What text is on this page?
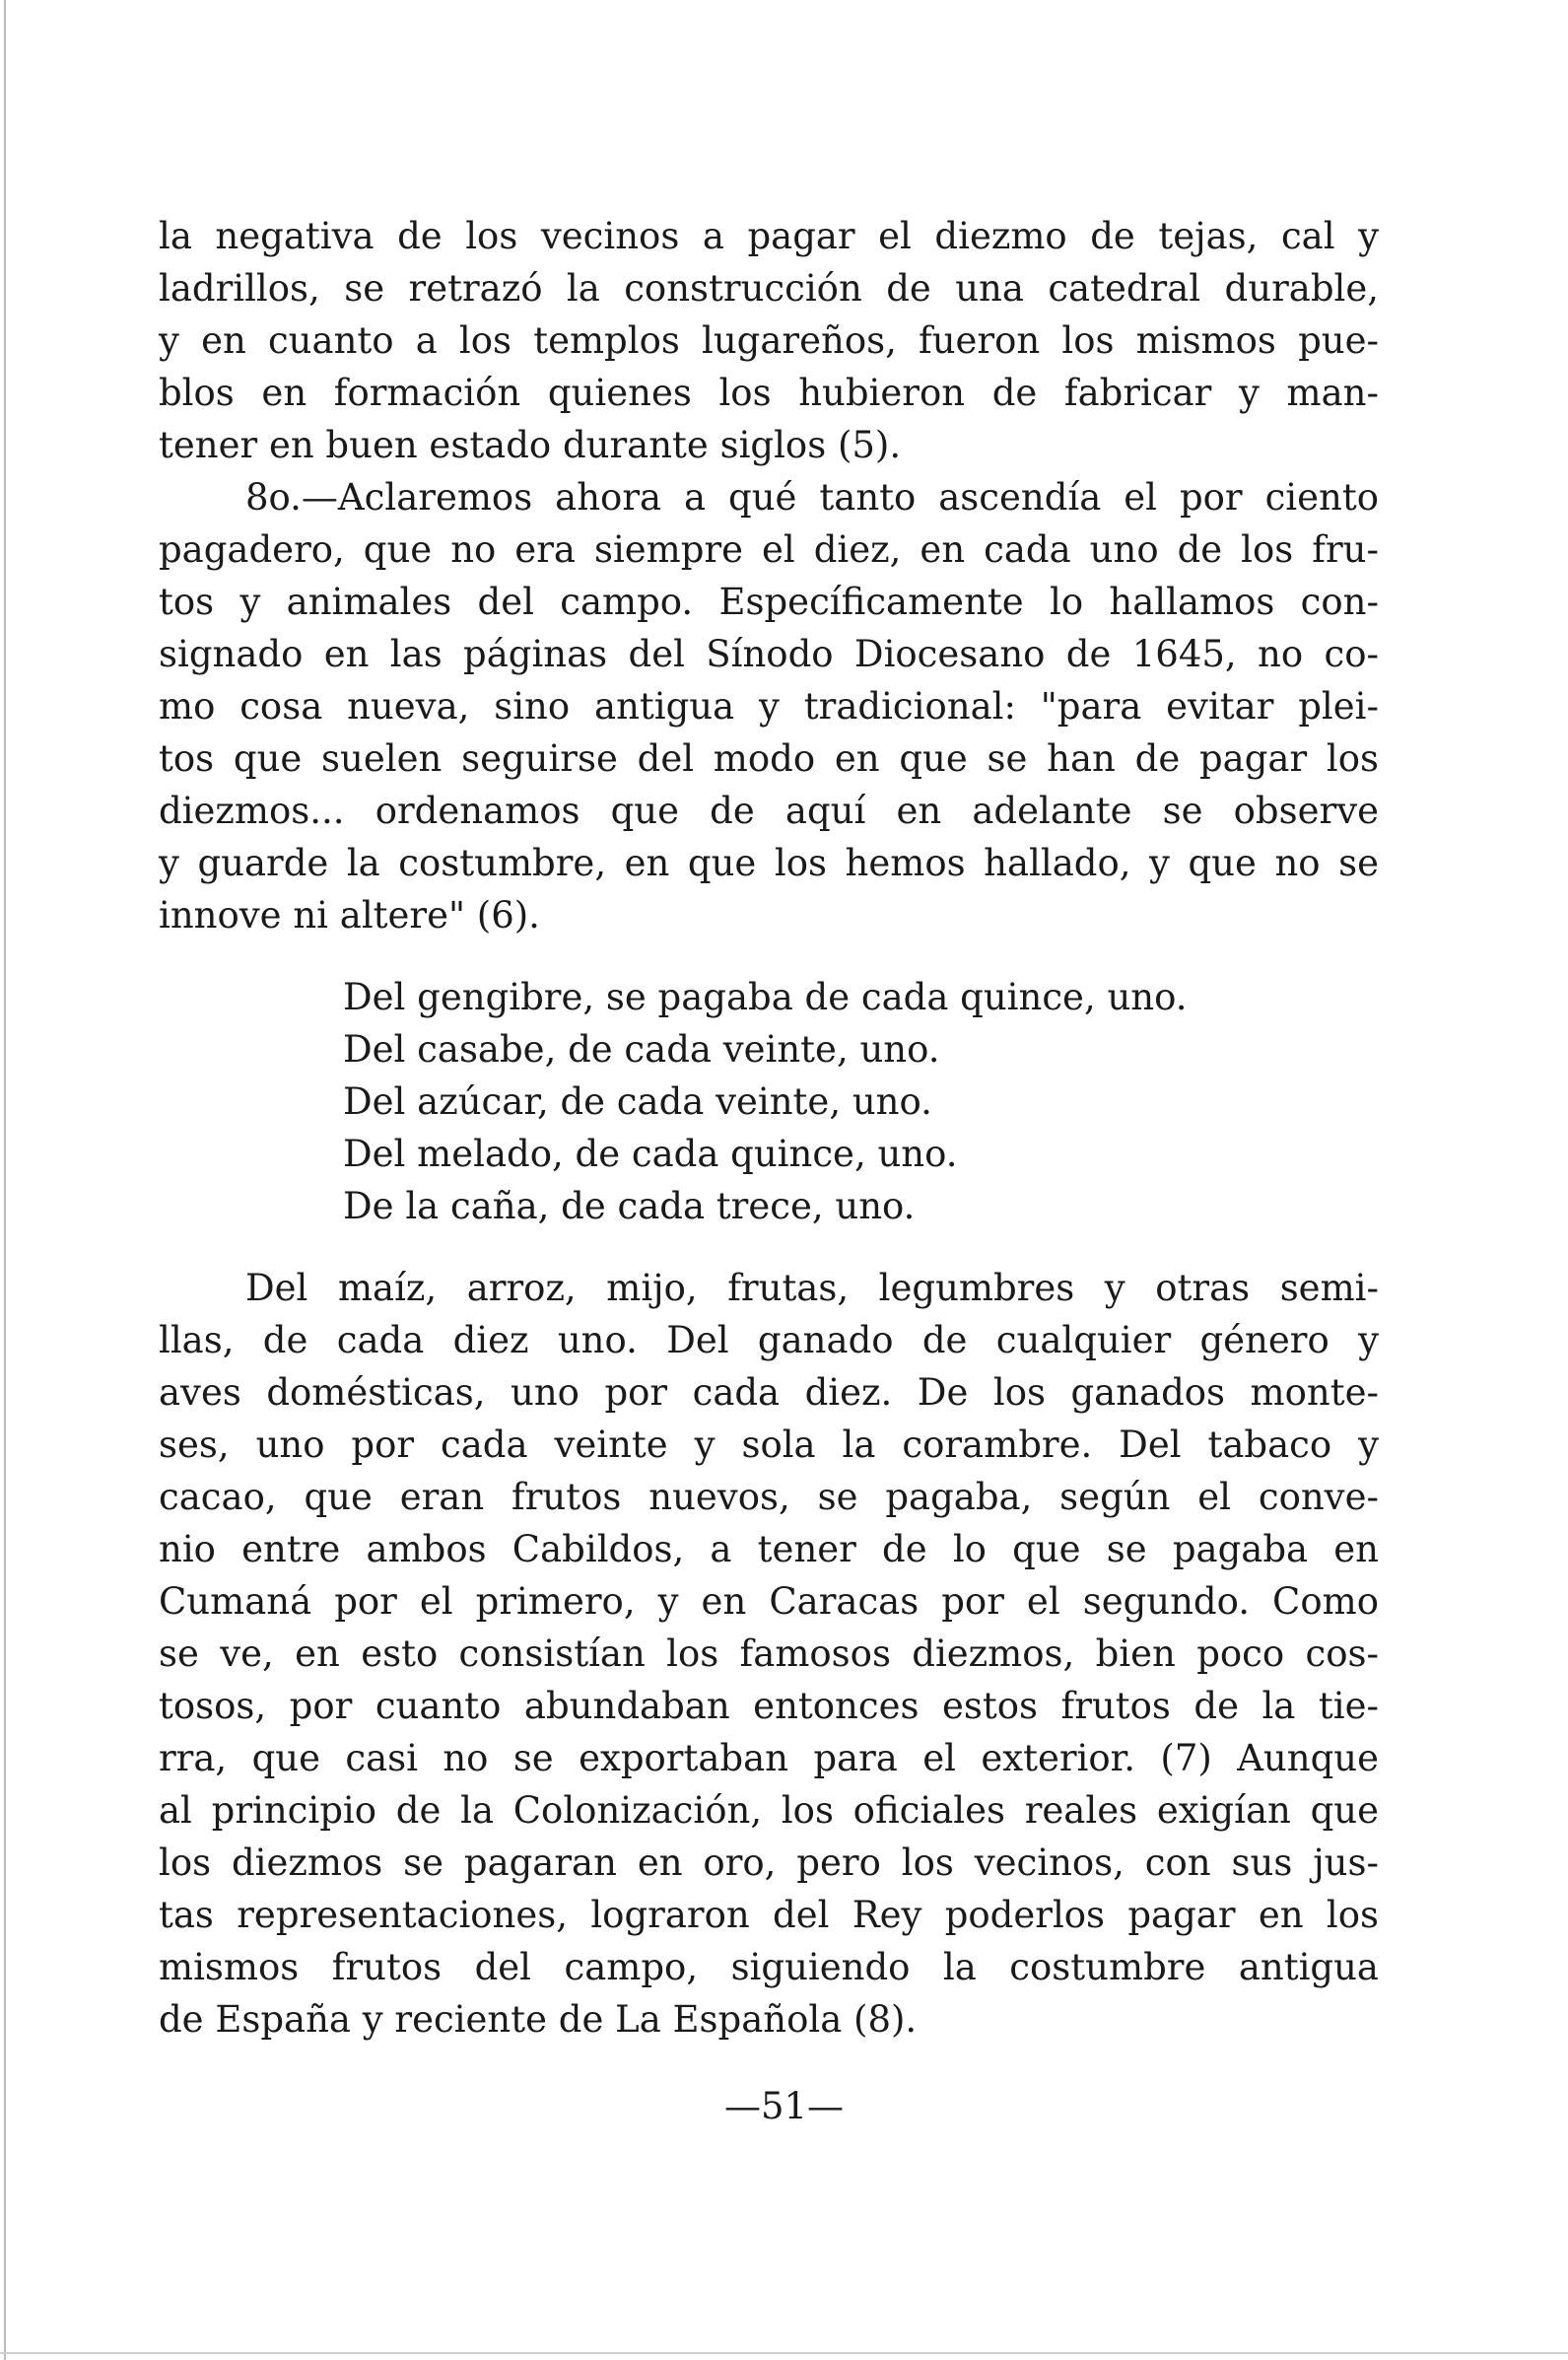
la negativa de los vecinos a pagar el diezmo de tejas, cal y
ladrillos, se retrazó la construcción de una catedral durable,
y en cuanto a los templos lugareños, fueron los mismos pue-
blos en formación quienes los hubieron de fabricar y man-
tener en buen estado durante siglos (5).
8o.—Aclaremos ahora a qué tanto ascendía el por ciento
pagadero, que no era siempre el diez, en cada uno de los fru-
tos y animales del campo. Específicamente lo hallamos con-
signado en las páginas del Sínodo Diocesano de 1645, no co-
mo cosa nueva, sino antigua y tradicional: "para evitar plei-
tos que suelen seguirse del modo en que se han de pagar los
diezmos... ordenamos que de aquí en adelante se observe
y guarde la costumbre, en que los hemos hallado, y que no se
innove ni altere" (6).
Del gengibre, se pagaba de cada quince, uno.
Del casabe, de cada veinte, uno.
Del azúcar, de cada veinte, uno.
Del melado, de cada quince, uno.
De la caña, de cada trece, uno.
Del maíz, arroz, mijo, frutas, legumbres y otras semi-
llas, de cada diez uno. Del ganado de cualquier género y
aves domésticas, uno por cada diez. De los ganados monte-
ses, uno por cada veinte y sola la corambre. Del tabaco y
cacao, que eran frutos nuevos, se pagaba, según el conve-
nio entre ambos Cabildos, a tener de lo que se pagaba en
Cumaná por el primero, y en Caracas por el segundo. Como
se ve, en esto consistían los famosos diezmos, bien poco cos-
tosos, por cuanto abundaban entonces estos frutos de la tie-
rra, que casi no se exportaban para el exterior. (7) Aunque
al principio de la Colonización, los oficiales reales exigían que
los diezmos se pagaran en oro, pero los vecinos, con sus jus-
tas representaciones, lograron del Rey poderlos pagar en los
mismos frutos del campo, siguiendo la costumbre antigua
de España y reciente de La Española (8).
—51—
